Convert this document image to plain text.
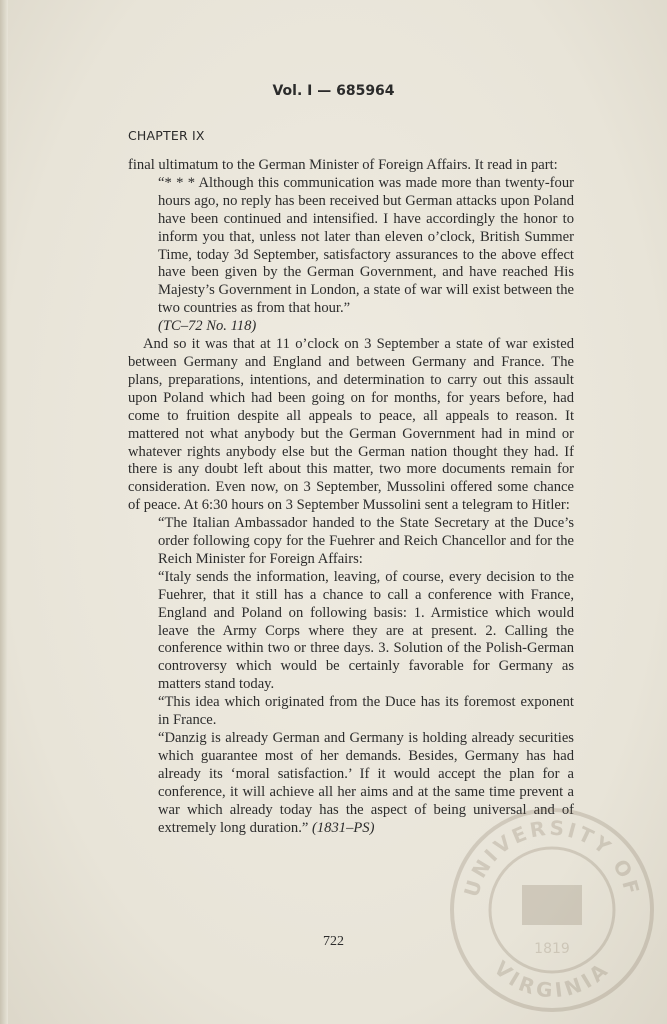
Vol. I — 685964
CHAPTER IX

final ultimatum to the German Minister of Foreign Affairs. It read in part:

“* * * Although this communication was made more than twenty-four hours ago, no reply has been received but German attacks upon Poland have been continued and intensified. I have accordingly the honor to inform you that, unless not later than eleven o’clock, British Summer Time, today 3d September, satisfactory assurances to the above effect have been given by the German Government, and have reached His Majesty’s Government in London, a state of war will exist between the two countries as from that hour.”
(TC–72 No. 118)

And so it was that at 11 o’clock on 3 September a state of war existed between Germany and England and between Germany and France. The plans, preparations, intentions, and determination to carry out this assault upon Poland which had been going on for months, for years before, had come to fruition despite all appeals to peace, all appeals to reason. It mattered not what anybody but the German Government had in mind or whatever rights anybody else but the German nation thought they had. If there is any doubt left about this matter, two more documents remain for consideration. Even now, on 3 September, Mussolini offered some chance of peace. At 6:30 hours on 3 September Mussolini sent a telegram to Hitler:

“The Italian Ambassador handed to the State Secretary at the Duce’s order following copy for the Fuehrer and Reich Chancellor and for the Reich Minister for Foreign Affairs:

“Italy sends the information, leaving, of course, every decision to the Fuehrer, that it still has a chance to call a conference with France, England and Poland on following basis: 1. Armistice which would leave the Army Corps where they are at present. 2. Calling the conference within two or three days. 3. Solution of the Polish-German controversy which would be certainly favorable for Germany as matters stand today.

“This idea which originated from the Duce has its foremost exponent in France.

“Danzig is already German and Germany is holding already securities which guarantee most of her demands. Besides, Germany has had already its ‘moral satisfaction.’ If it would accept the plan for a conference, it will achieve all her aims and at the same time prevent a war which already today has the aspect of being universal and of extremely long duration.” (1831–PS)

722
UNIVERSITY OF
VIRGINIA
1819
